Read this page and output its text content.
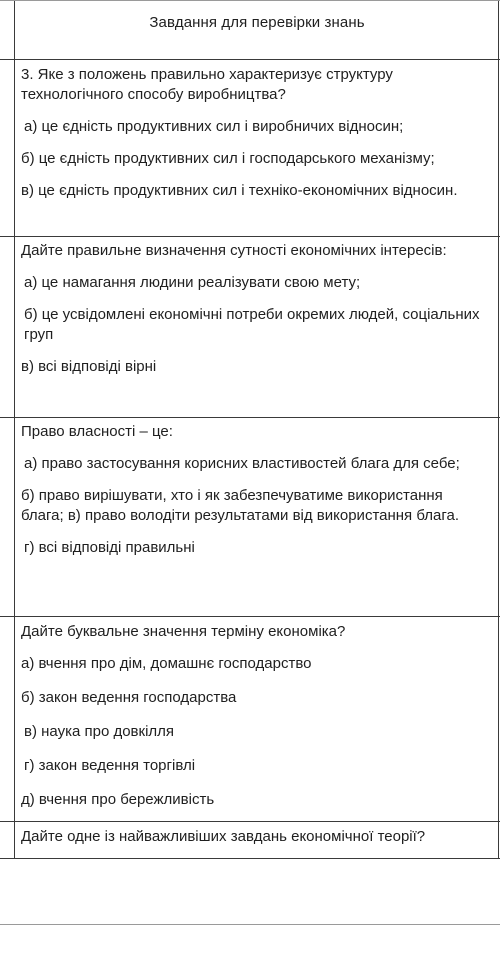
Завдання для перевірки знань

3. Яке з положень правильно характеризує структуру технологічного способу виробництва?

а) це єдність продуктивних сил і виробничих відносин;

б) це єдність продуктивних сил і господарського механізму;

в) це єдність продуктивних сил і техніко-економічних відносин.

Дайте правильне визначення сутності економічних інтересів:

а) це намагання людини реалізувати свою мету;

б) це усвідомлені економічні потреби окремих людей, соціальних груп

в) всі відповіді вірні

Право власності – це:

а) право застосування корисних властивостей блага для себе;

б) право вирішувати, хто і як забезпечуватиме використання блага; в) право володіти результатами від використання блага.

г) всі відповіді правильні

Дайте буквальне значення терміну економіка?

а) вчення про дім, домашнє господарство

б) закон ведення господарства

в) наука про довкілля

г) закон ведення торгівлі

д) вчення про бережливість

Дайте одне із найважливіших завдань економічної теорії?
